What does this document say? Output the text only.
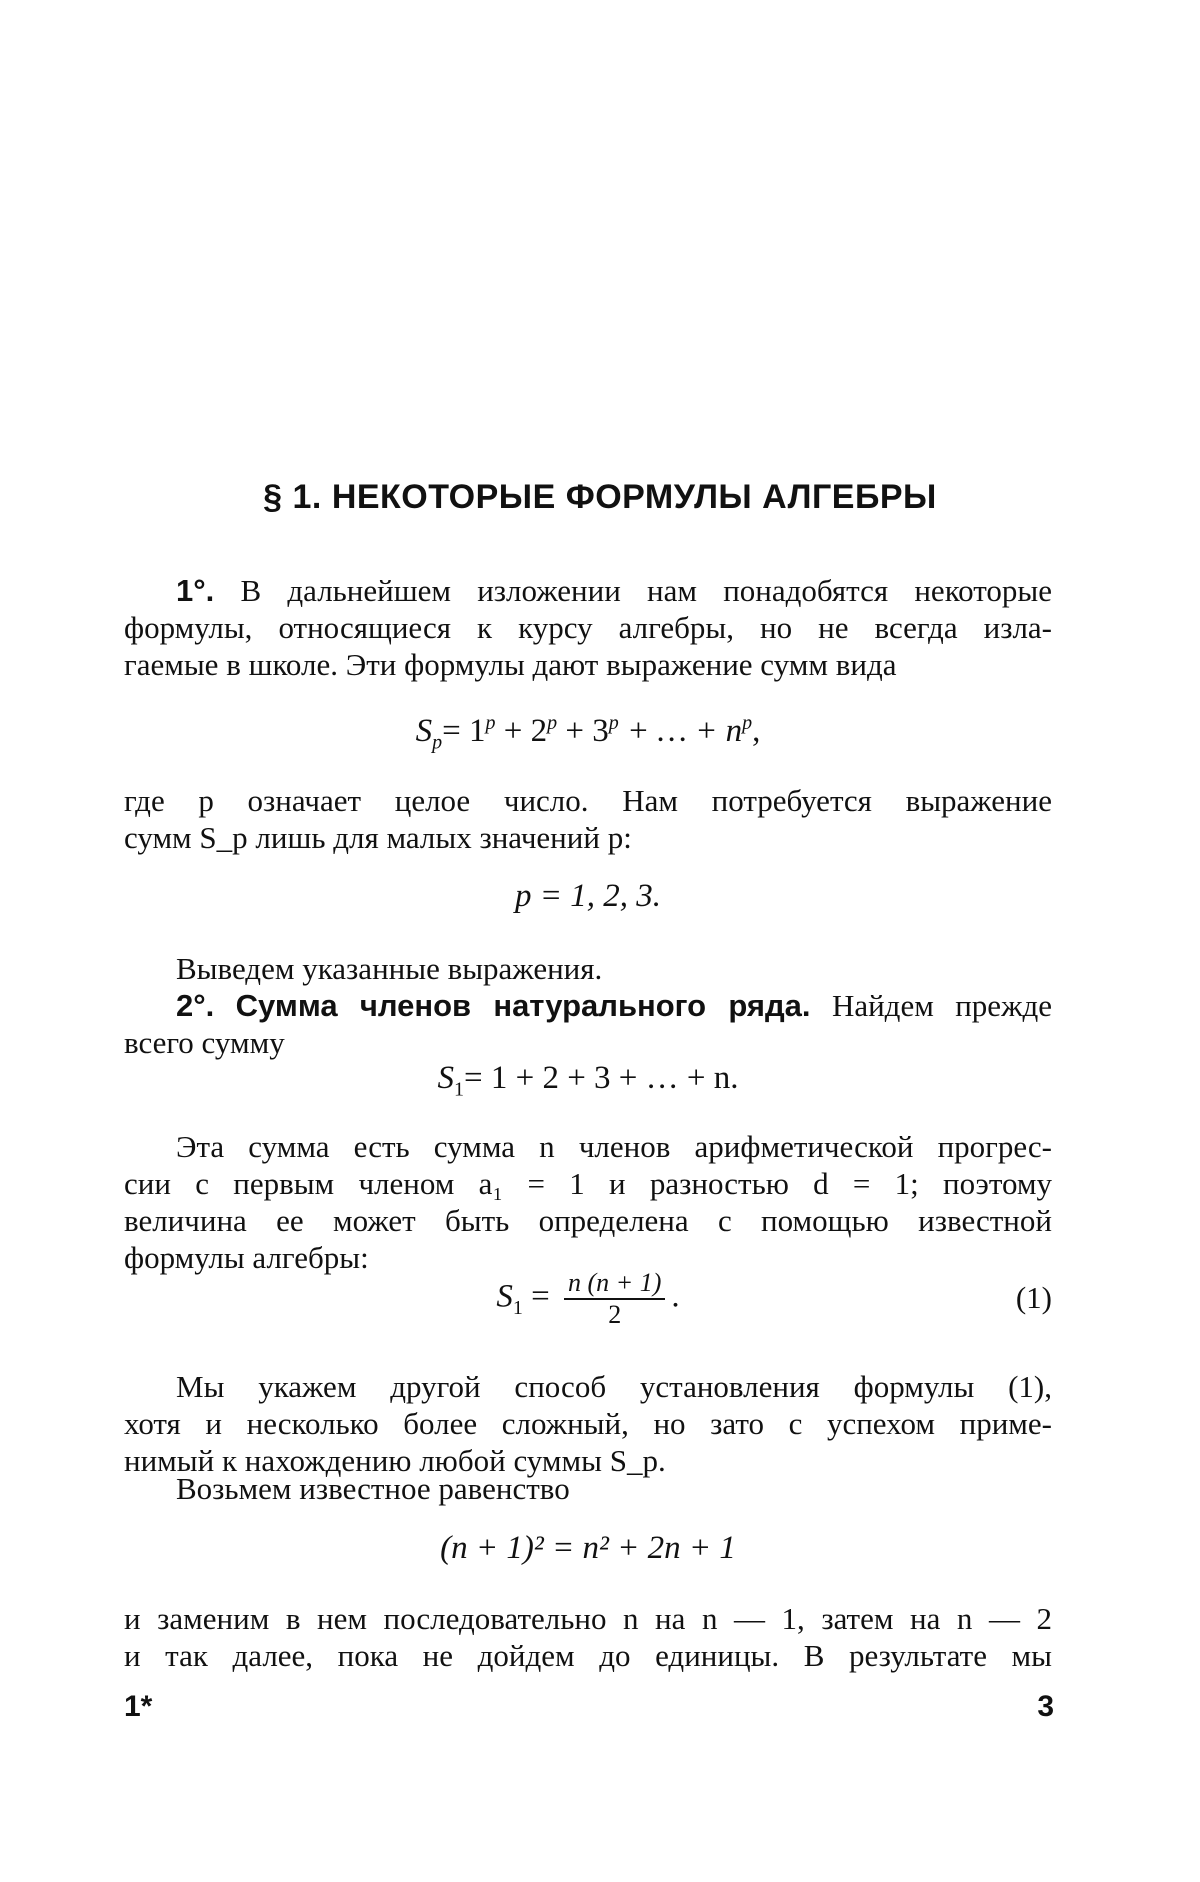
§ 1. НЕКОТОРЫЕ ФОРМУЛЫ АЛГЕБРЫ
1°. В дальнейшем изложении нам понадобятся некоторые
формулы, относящиеся к курсу алгебры, но не всегда изла-
гаемые в школе. Эти формулы дают выражение сумм вида
$S_p= 1^p + 2^p + 3^p$ + … + $n^p$,
где p означает целое число. Нам потребуется выражение
сумм S_p лишь для малых значений p:
p = 1, 2, 3.
Выведем указанные выражения.
2°. Сумма членов натурального ряда. Найдем прежде
всего сумму
$S_1= 1 + 2 + 3$ + … + n.
Эта сумма есть сумма n членов арифметической прогрес-
сии с первым членом a₁ = 1 и разностью d = 1; поэтому
величина ее может быть определена с помощью известной
формулы алгебры:
$S_1 = \frac{n (n + 1)}{2}$ .	(1)
Мы укажем другой способ установления формулы (1),
хотя и несколько более сложный, но зато с успехом приме-
нимый к нахождению любой суммы S_p.
Возьмем известное равенство
(n + 1)² = n² + 2n + 1
и заменим в нем последовательно n на n — 1, затем на n — 2
и так далее, пока не дойдем до единицы. В результате мы
1*	3
